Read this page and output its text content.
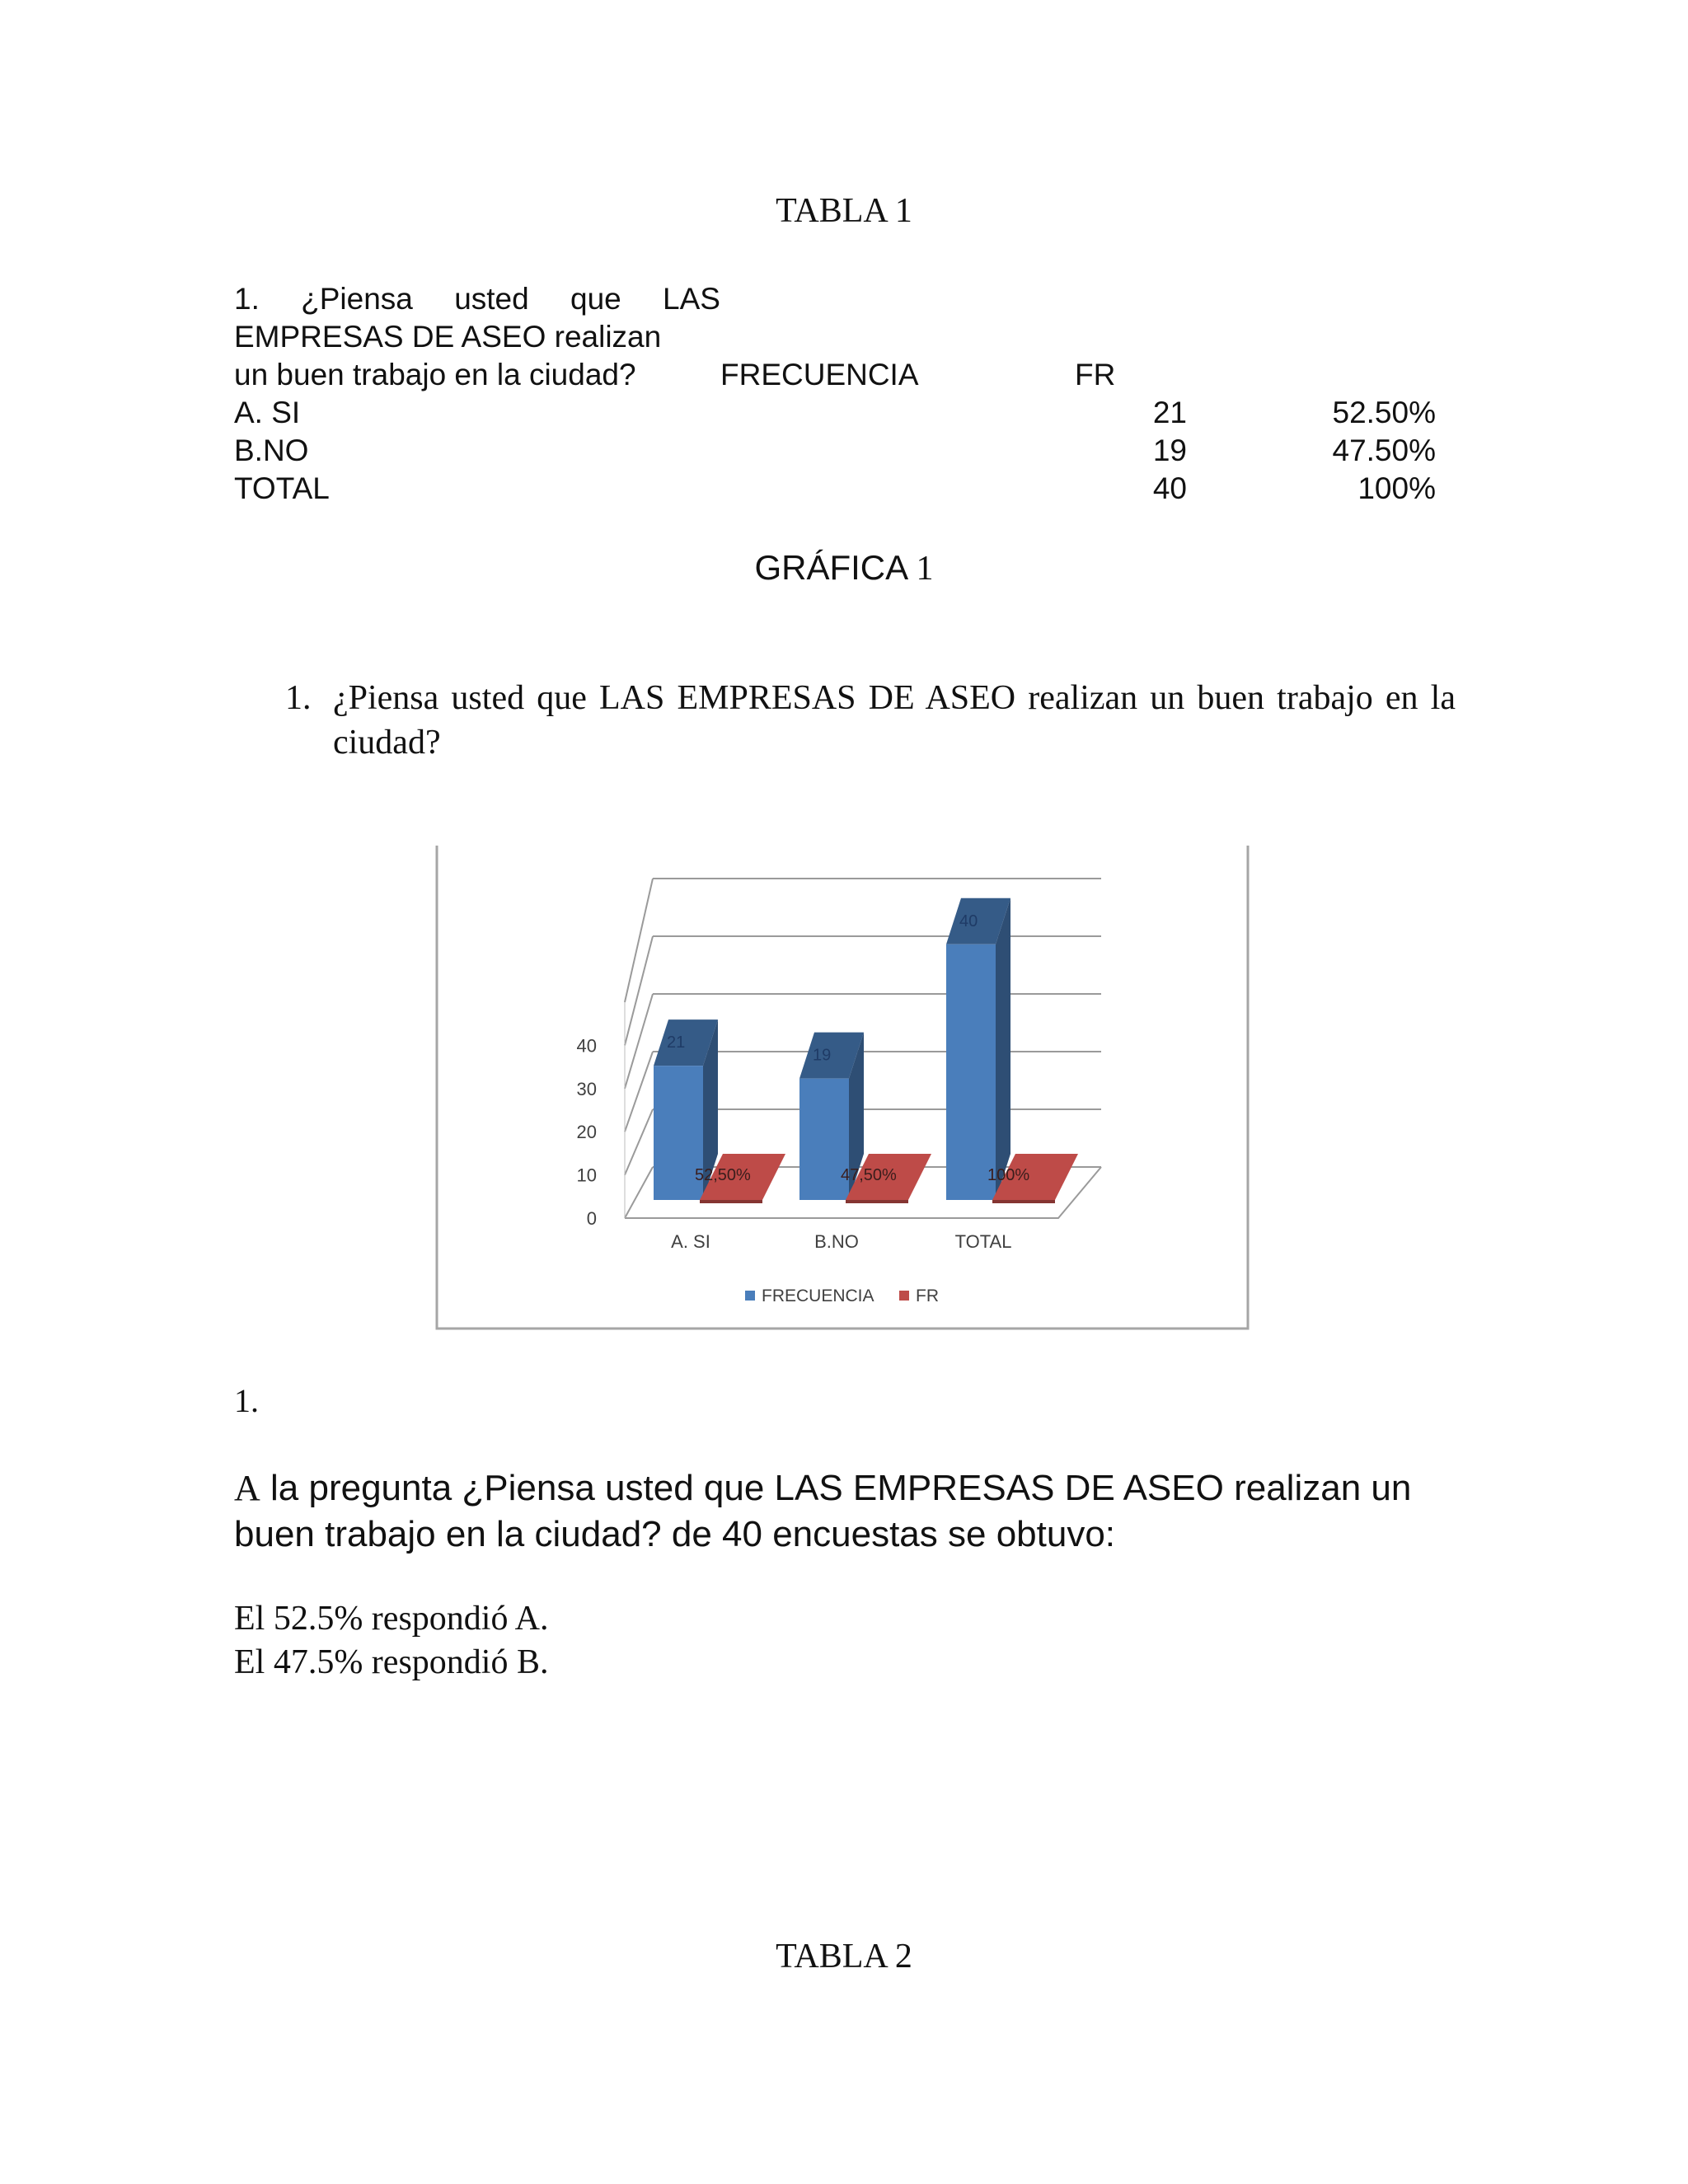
TABLA 1
1. ¿Piensa usted que LAS
EMPRESAS DE ASEO realizan
un buen trabajo en la ciudad?	FRECUENCIA	FR
A. SI	21	52.50%
B.NO	19	47.50%
TOTAL	40	100%
GRÁFICA 1
1. ¿Piensa usted que LAS EMPRESAS DE ASEO realizan un buen trabajo en la ciudad?
0
10
20
30
40	21
52,50%
A. SI
19
47,50%
B.NO
40
100%
TOTAL
FRECUENCIA FR
1.
A la pregunta ¿Piensa usted que LAS EMPRESAS DE ASEO realizan un buen trabajo en la ciudad? de 40 encuestas se obtuvo:
El 52.5% respondió A.
El 47.5% respondió B.
TABLA 2
